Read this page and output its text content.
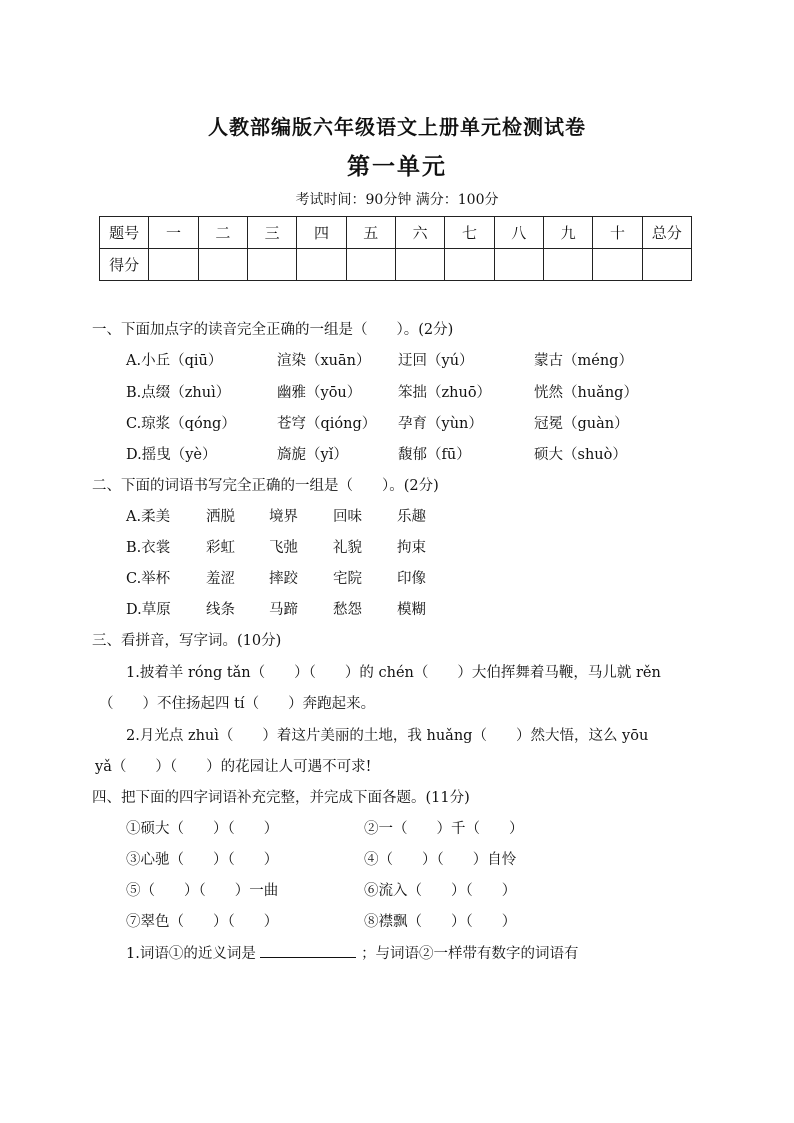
人教部编版六年级语文上册单元检测试卷
第一单元
考试时间：90分钟 满分：100分
题号	一	二	三	四	五	六	七	八	九	十	总分
得分											
一、下面加点字的读音完全正确的一组是（　　）。(2分)
A.小丘（qiū）	渲染（xuān） 迂回（yú）	蒙古（méng）
B.点缀（zhuì）	幽雅（yōu）	笨拙（zhuō）	恍然（huǎng）
C.琼浆（qóng）	苍穹（qióng） 孕育（yùn）	冠冕（guàn）
D.摇曳（yè）	旖旎（yǐ）	馥郁（fū）	硕大（shuò）
二、下面的词语书写完全正确的一组是（　　）。(2分)
A.柔美 洒脱 境界 回味 乐趣
B.衣裳 彩虹 飞弛 礼貌 拘束
C.举杯 羞涩 摔跤 宅院 印像
D.草原 线条 马蹄 愁怨 模糊
三、看拼音，写字词。(10分)
1.披着羊 róng tǎn（　　）（　　）的 chén（　　）大伯挥舞着马鞭，马儿就 rěn
（　　）不住扬起四 tí（　　）奔跑起来。
2.月光点 zhuì（　　）着这片美丽的土地，我 huǎng（　　）然大悟，这么 yōu
yǎ（　　）（　　）的花园让人可遇不可求!
四、把下面的四字词语补充完整，并完成下面各题。(11分)
①硕大（　　）（　　）	②一（　　）千（　　）
③心驰（　　）（　　）	④（　　）（　　）自怜
⑤（　　）（　　）一曲	⑥流入（　　）（　　）
⑦翠色（　　）（　　）	⑧襟飘（　　）（　　）
1.词语①的近义词是	；与词语②一样带有数字的词语有
